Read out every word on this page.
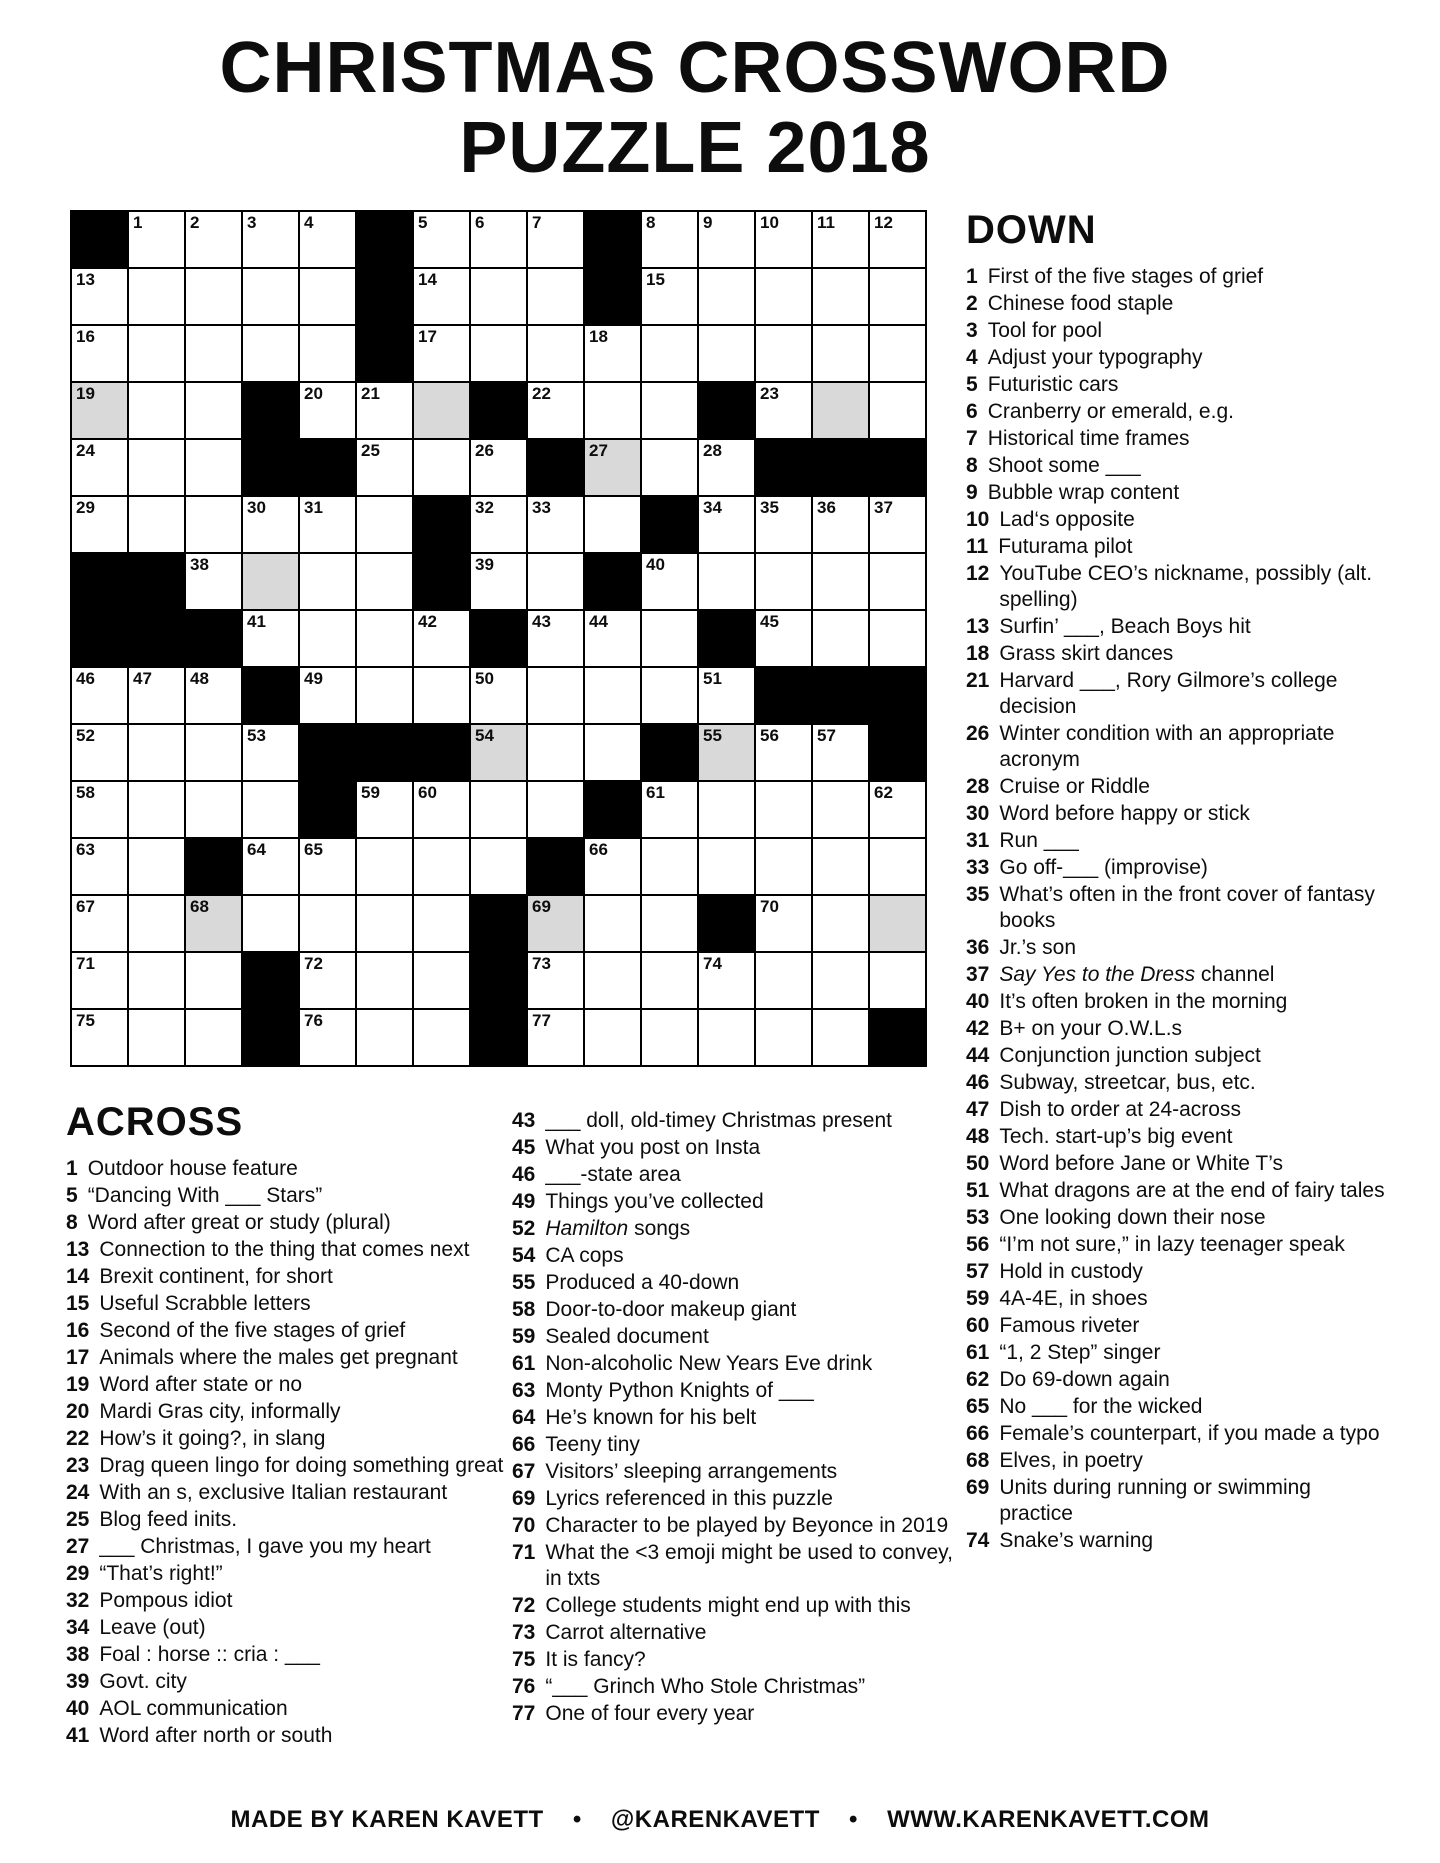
CHRISTMAS CROSSWORD
PUZZLE 2018
1	2	3	4	5	6	7	8	9	10 11 12
13	14	15
16	17	18
19	20 21	22	23
24	25	26	27	28
29	30 31	32 33	34 35 36 37
38	39	40
41	42	43 44	45
46 47 48	49	50	51
52	53	54	55 56 57
58	59 60	61	62
63	64 65	66
67	68	69	70
71	72	73	74
75	76	77
DOWN
1 First of the five stages of grief
2 Chinese food staple
3 Tool for pool
4 Adjust your typography
5 Futuristic cars
6 Cranberry or emerald, e.g.
7 Historical time frames
8 Shoot some ___
9 Bubble wrap content
10 Lad‘s opposite
11 Futurama pilot
12 YouTube CEO’s nickname, possibly (alt. spelling)
13 Surfin’ ___, Beach Boys hit
18 Grass skirt dances
21 Harvard ___, Rory Gilmore’s college decision
26 Winter condition with an appropriate acronym
28 Cruise or Riddle
30 Word before happy or stick
31 Run ___
33 Go off-___ (improvise)
35 What’s often in the front cover of fantasy books
36 Jr.’s son
37 Say Yes to the Dress channel
40 It’s often broken in the morning
42 B+ on your O.W.L.s
44 Conjunction junction subject
46 Subway, streetcar, bus, etc.
47 Dish to order at 24-across
48 Tech. start-up’s big event
50 Word before Jane or White T’s
51 What dragons are at the end of fairy tales
53 One looking down their nose
56 “I’m not sure,” in lazy teenager speak
57 Hold in custody
59 4A-4E, in shoes
60 Famous riveter
61 “1, 2 Step” singer
62 Do 69-down again
65 No ___ for the wicked
66 Female’s counterpart, if you made a typo
68 Elves, in poetry
69 Units during running or swimming practice
74 Snake’s warning
ACROSS
1 Outdoor house feature
5 “Dancing With ___ Stars”
8 Word after great or study (plural)
13 Connection to the thing that comes next
14 Brexit continent, for short
15 Useful Scrabble letters
16 Second of the five stages of grief
17 Animals where the males get pregnant
19 Word after state or no
20 Mardi Gras city, informally
22 How’s it going?, in slang
23 Drag queen lingo for doing something great
24 With an s, exclusive Italian restaurant
25 Blog feed inits.
27 ___ Christmas, I gave you my heart
29 “That’s right!”
32 Pompous idiot
34 Leave (out)
38 Foal : horse :: cria : ___
39 Govt. city
40 AOL communication
41 Word after north or south
43 ___ doll, old-timey Christmas present
45 What you post on Insta
46 ___-state area
49 Things you’ve collected
52 Hamilton songs
54 CA cops
55 Produced a 40-down
58 Door-to-door makeup giant
59 Sealed document
61 Non-alcoholic New Years Eve drink
63 Monty Python Knights of ___
64 He’s known for his belt
66 Teeny tiny
67 Visitors’ sleeping arrangements
69 Lyrics referenced in this puzzle
70 Character to be played by Beyonce in 2019
71 What the <3 emoji might be used to convey, in txts
72 College students might end up with this
73 Carrot alternative
75 It is fancy?
76 “___ Grinch Who Stole Christmas”
77 One of four every year
MADE BY KAREN KAVETT • @KARENKAVETT • WWW.KARENKAVETT.COM
